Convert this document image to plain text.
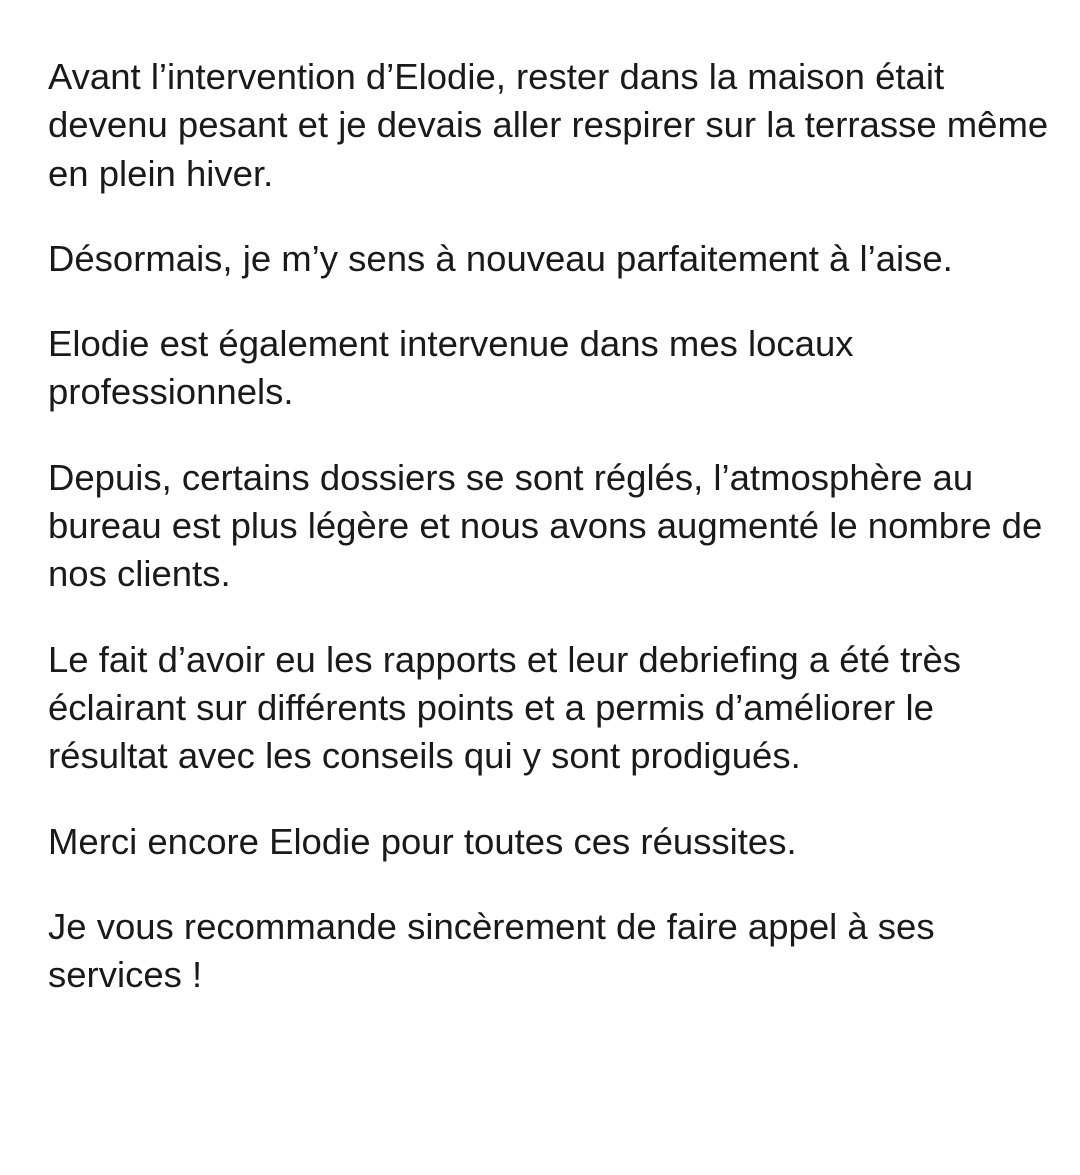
Avant l’intervention d’Elodie, rester dans la maison était devenu pesant et je devais aller respirer sur la terrasse même en plein hiver.

Désormais, je m’y sens à nouveau parfaitement à l’aise.

Elodie est également intervenue dans mes locaux professionnels.

Depuis, certains dossiers se sont réglés, l’atmosphère au bureau est plus légère et nous avons augmenté le nombre de nos clients.

Le fait d’avoir eu les rapports et leur debriefing a été très éclairant sur différents points et a permis d’améliorer le résultat avec les conseils qui y sont prodigués.

Merci encore Elodie pour toutes ces réussites.

Je vous recommande sincèrement de faire appel à ses services !
